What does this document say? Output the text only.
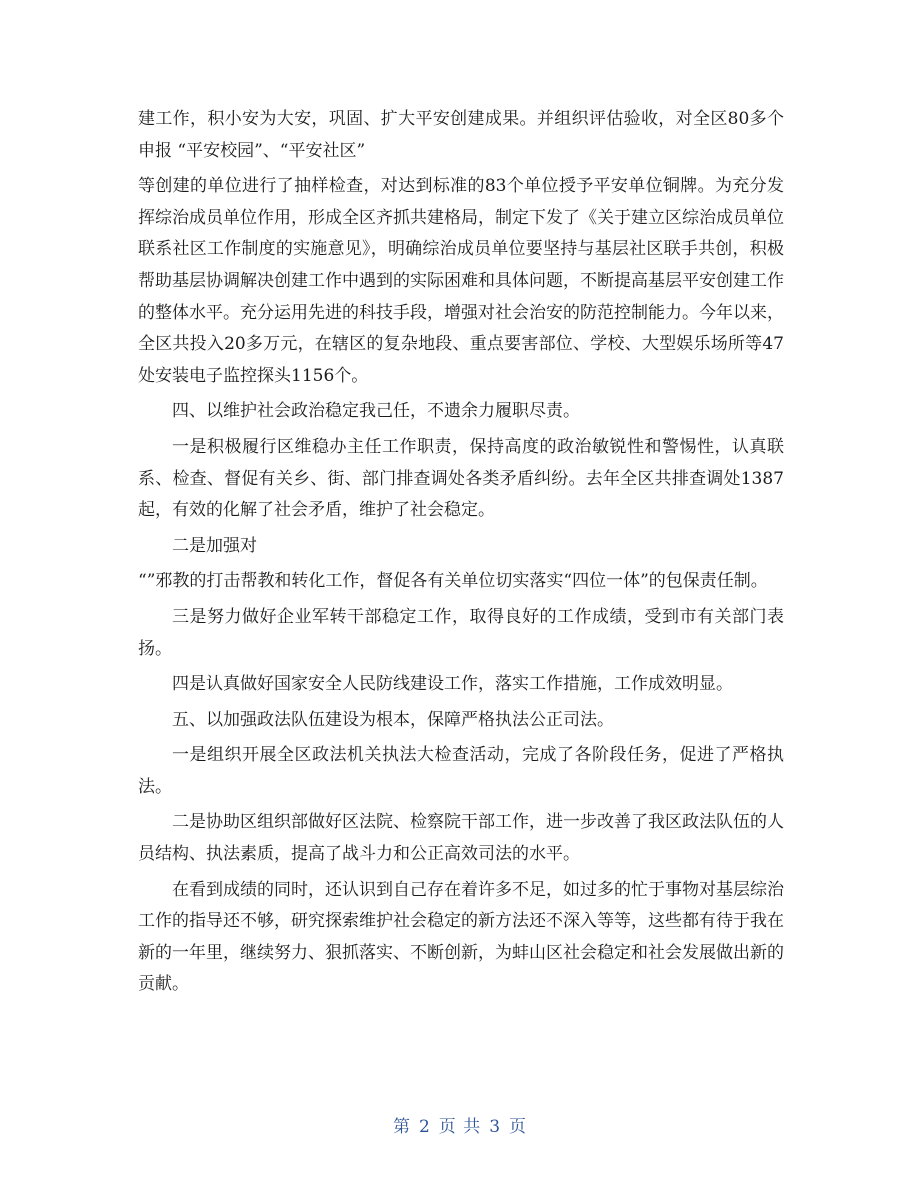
建工作，积小安为大安，巩固、扩大平安创建成果。并组织评估验收，对全区80多个申报 “平安校园”、“平安社区”

等创建的单位进行了抽样检查，对达到标准的83个单位授予平安单位铜牌。为充分发挥综治成员单位作用，形成全区齐抓共建格局，制定下发了《关于建立区综治成员单位联系社区工作制度的实施意见》，明确综治成员单位要坚持与基层社区联手共创，积极帮助基层协调解决创建工作中遇到的实际困难和具体问题，不断提高基层平安创建工作的整体水平。充分运用先进的科技手段，增强对社会治安的防范控制能力。今年以来，全区共投入20多万元，在辖区的复杂地段、重点要害部位、学校、大型娱乐场所等47处安装电子监控探头1156个。

四、以维护社会政治稳定我己任，不遗余力履职尽责。

一是积极履行区维稳办主任工作职责，保持高度的政治敏锐性和警惕性，认真联系、检查、督促有关乡、街、部门排查调处各类矛盾纠纷。去年全区共排查调处1387起，有效的化解了社会矛盾，维护了社会稳定。

二是加强对

“”邪教的打击帮教和转化工作，督促各有关单位切实落实“四位一体”的包保责任制。

三是努力做好企业军转干部稳定工作，取得良好的工作成绩，受到市有关部门表扬。

四是认真做好国家安全人民防线建设工作，落实工作措施，工作成效明显。

五、以加强政法队伍建设为根本，保障严格执法公正司法。

一是组织开展全区政法机关执法大检查活动，完成了各阶段任务，促进了严格执法。

二是协助区组织部做好区法院、检察院干部工作，进一步改善了我区政法队伍的人员结构、执法素质，提高了战斗力和公正高效司法的水平。

在看到成绩的同时，还认识到自己存在着许多不足，如过多的忙于事物对基层综治工作的指导还不够，研究探索维护社会稳定的新方法还不深入等等，这些都有待于我在新的一年里，继续努力、狠抓落实、不断创新，为蚌山区社会稳定和社会发展做出新的贡献。

第 2 页 共 3 页
